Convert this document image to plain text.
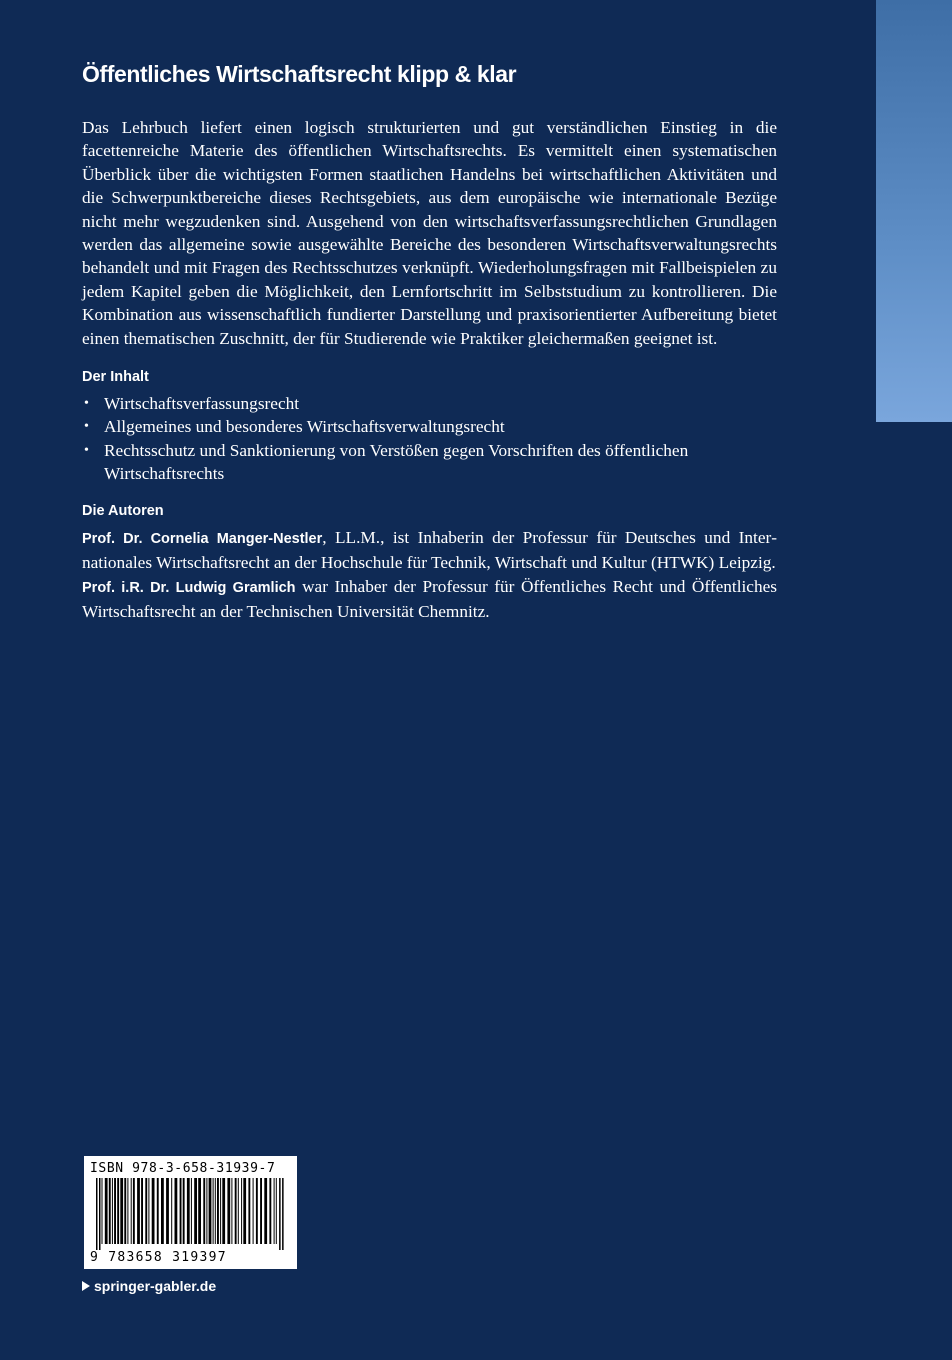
Öffentliches Wirtschaftsrecht klipp & klar

Das Lehrbuch liefert einen logisch strukturierten und gut verständlichen Einstieg in die facettenreiche Materie des öffentlichen Wirtschaftsrechts. Es vermittelt einen systematischen Überblick über die wichtigsten Formen staatlichen Handelns bei wirtschaftlichen Aktivitäten und die Schwerpunktbereiche dieses Rechtsgebiets, aus dem europäische wie internationale Bezüge nicht mehr wegzudenken sind. Ausgehend von den wirtschaftsverfassungsrechtlichen Grundlagen werden das allgemeine sowie ausgewählte Bereiche des besonderen Wirtschaftsverwaltungsrechts behandelt und mit Fragen des Rechtsschutzes verknüpft. Wiederholungsfragen mit Fallbeispielen zu jedem Kapitel geben die Möglichkeit, den Lernfortschritt im Selbststudium zu kontrollieren. Die Kombination aus wissenschaftlich fundierter Darstellung und praxisorientierter Aufbereitung bietet einen thematischen Zuschnitt, der für Studierende wie Praktiker gleichermaßen geeignet ist.

Der Inhalt
• Wirtschaftsverfassungsrecht
• Allgemeines und besonderes Wirtschaftsverwaltungsrecht
• Rechtsschutz und Sanktionierung von Verstößen gegen Vorschriften des öffentlichen Wirtschaftsrechts
Die Autoren

Prof. Dr. Cornelia Manger-Nestler, LL.M., ist Inhaberin der Professur für Deutsches und Internationales Wirtschaftsrecht an der Hochschule für Technik, Wirtschaft und Kultur (HTWK) Leipzig.

Prof. i.R. Dr. Ludwig Gramlich war Inhaber der Professur für Öffentliches Recht und Öffentliches Wirtschaftsrecht an der Technischen Universität Chemnitz.

ISBN 978-3-658-31939-7
9 783658 319397
springer-gabler.de
